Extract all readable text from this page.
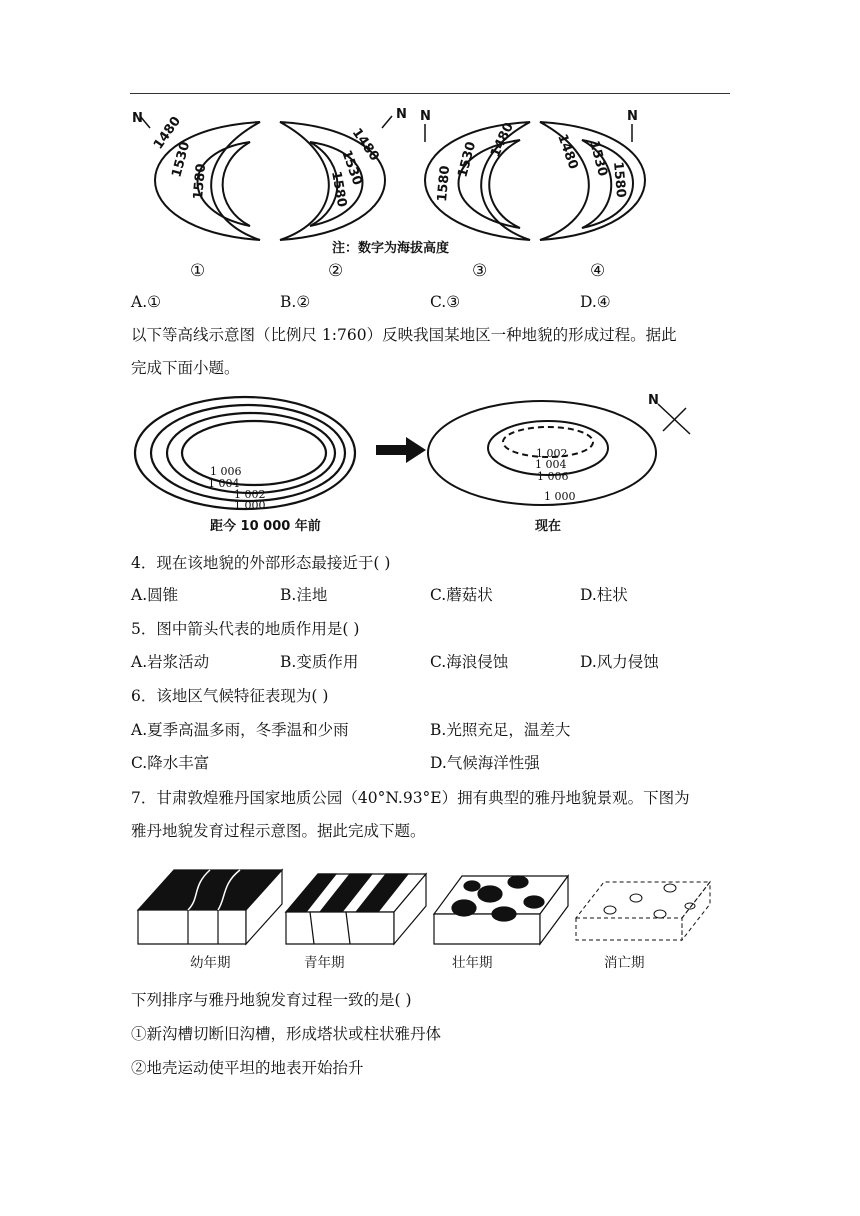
N	N N	N
1480
1530
1580
1480
1530
1580	1580
1530 1480	1480 1530
1580
注：数字为海拔高度
①	②	③	④
A.①	B.②	C.③	D.④
以下等高线示意图（比例尺 1:760）反映我国某地区一种地貌的形成过程。据此
完成下面小题。
N
1 006
1 004
1 002
1 000
1 002
1 004
1 006
1 000
距今 10 000 年前	现在
4．现在该地貌的外部形态最接近于( )
A.圆锥	B.洼地	C.蘑菇状	D.柱状
5．图中箭头代表的地质作用是( )
A.岩浆活动	B.变质作用	C.海浪侵蚀	D.风力侵蚀
6．该地区气候特征表现为( )
A.夏季高温多雨，冬季温和少雨	B.光照充足，温差大
C.降水丰富	D.气候海洋性强
7．甘肃敦煌雅丹国家地质公园（40°N.93°E）拥有典型的雅丹地貌景观。下图为
雅丹地貌发育过程示意图。据此完成下题。
幼年期	青年期	壮年期	消亡期
下列排序与雅丹地貌发育过程一致的是( )
①新沟槽切断旧沟槽，形成塔状或柱状雅丹体
②地壳运动使平坦的地表开始抬升
